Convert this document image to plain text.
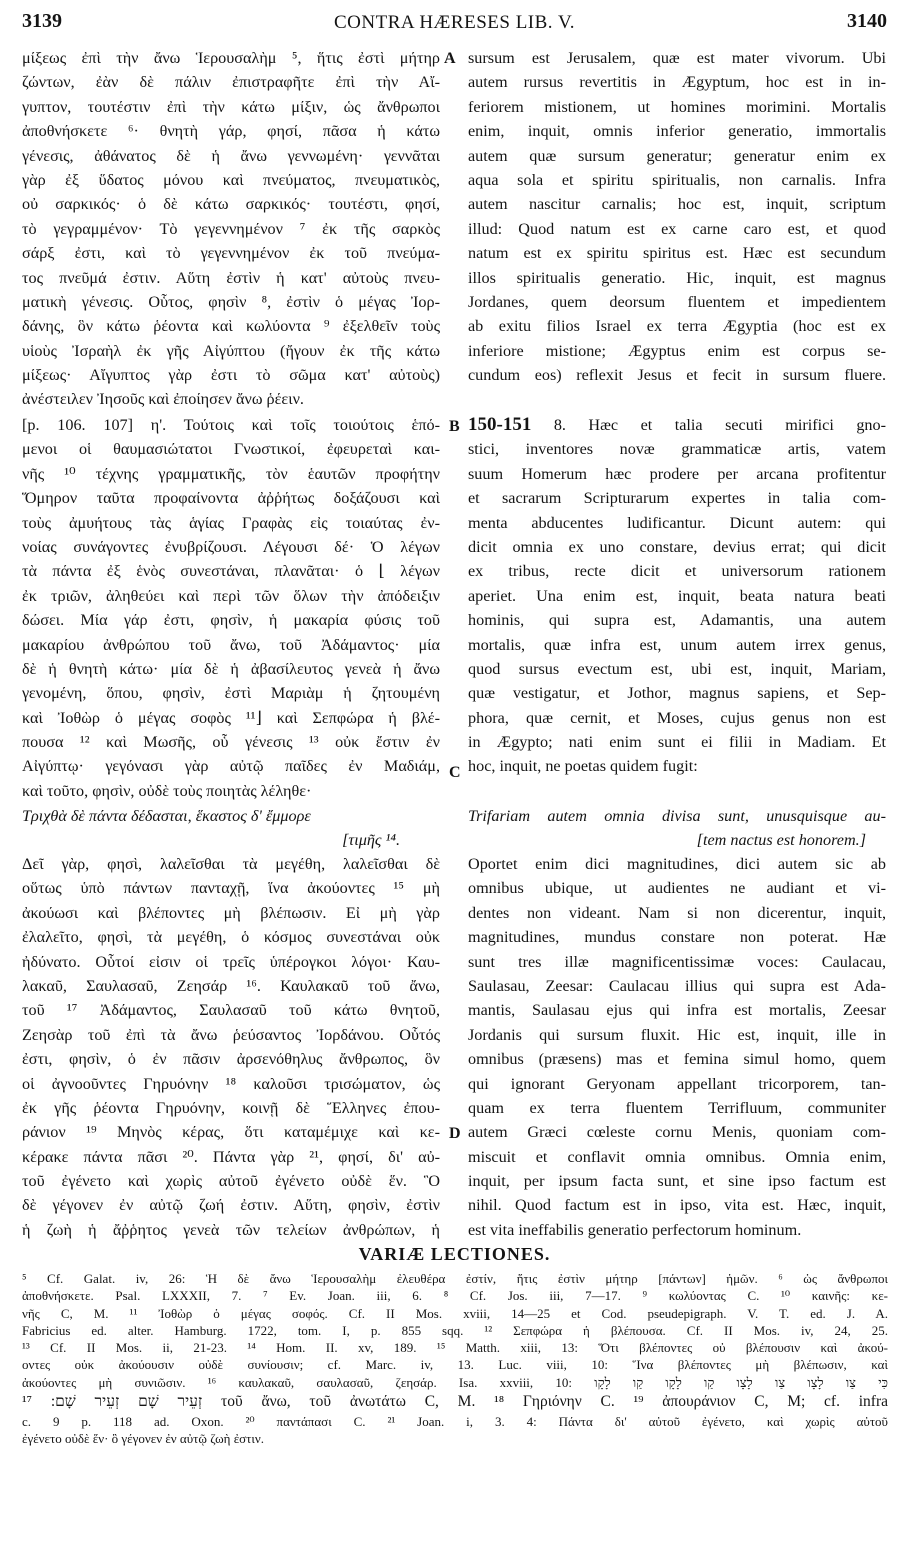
3139	CONTRA HÆRESES LIB. V.	3140
A
B
C
D
μίξεως ἐπὶ τὴν ἄνω Ἱερουσαλὴμ ⁵, ἥτις ἐστὶ μήτηρ
ζώντων, ἐὰν δὲ πάλιν ἐπιστραφῆτε ἐπὶ τὴν Αἴ-
γυπτον, τουτέστιν ἐπὶ τὴν κάτω μίξιν, ὡς ἄνθρωποι
ἀποθνήσκετε ⁶· θνητὴ γάρ, φησί, πᾶσα ἡ κάτω
γένεσις, ἀθάνατος δὲ ἡ ἄνω γεννωμένη· γεννᾶται
γὰρ ἐξ ὕδατος μόνου καὶ πνεύματος, πνευματικὸς,
οὐ σαρκικός· ὁ δὲ κάτω σαρκικός· τουτέστι, φησί,
τὸ γεγραμμένον· Τὸ γεγεννημένον ⁷ ἐκ τῆς σαρκὸς
σάρξ ἐστι, καὶ τὸ γεγεννημένον ἐκ τοῦ πνεύμα-
τος πνεῦμά ἐστιν. Αὕτη ἐστὶν ἡ κατ' αὐτοὺς πνευ-
ματικὴ γένεσις. Οὗτος, φησὶν ⁸, ἐστὶν ὁ μέγας Ἰορ-
δάνης, ὃν κάτω ῥέοντα καὶ κωλύοντα ⁹ ἐξελθεῖν τοὺς
υἱοὺς Ἰσραὴλ ἐκ γῆς Αἰγύπτου (ἤγουν ἐκ τῆς κάτω
μίξεως· Αἴγυπτος γὰρ ἐστι τὸ σῶμα κατ' αὐτοὺς)
ἀνέστειλεν Ἰησοῦς καὶ ἐποίησεν ἄνω ῥέειν.
[p. 106. 107] η'. Τούτοις καὶ τοῖς τοιούτοις ἑπό-
μενοι οἱ θαυμασιώτατοι Γνωστικοί, ἐφευρεταὶ και-
νῆς ¹⁰ τέχνης γραμματικῆς, τὸν ἑαυτῶν προφήτην
Ὅμηρον ταῦτα προφαίνοντα ἀῤῥήτως δοξάζουσι καὶ
τοὺς ἀμυήτους τὰς ἁγίας Γραφὰς εἰς τοιαύτας ἐν-
νοίας συνάγοντες ἐνυβρίζουσι. Λέγουσι δέ· Ὁ λέγων
τὰ πάντα ἐξ ἑνὸς συνεστάναι, πλανᾶται· ὁ ⌊ λέγων
ἐκ τριῶν, ἀληθεύει καὶ περὶ τῶν ὅλων τὴν ἀπόδειξιν
δώσει. Μία γάρ ἐστι, φησὶν, ἡ μακαρία φύσις τοῦ
μακαρίου ἀνθρώπου τοῦ ἄνω, τοῦ Ἀδάμαντος· μία
δὲ ἡ θνητὴ κάτω· μία δὲ ἡ ἀβασίλευτος γενεὰ ἡ ἄνω
γενομένη, ὅπου, φησὶν, ἐστὶ Μαριὰμ ἡ ζητουμένη
καὶ Ἰοθὼρ ὁ μέγας σοφὸς ¹¹⌋ καὶ Σεπφώρα ἡ βλέ-
πουσα ¹² καὶ Μωσῆς, οὗ γένεσις ¹³ οὐκ ἔστιν ἐν
Αἰγύπτῳ· γεγόνασι γὰρ αὐτῷ παῖδες ἐν Μαδιάμ,
καὶ τοῦτο, φησὶν, οὐδὲ τοὺς ποιητὰς λέληθε·
Τριχθὰ δὲ πάντα δέδασται, ἕκαστος δ' ἔμμορε
[τιμῆς ¹⁴.
Δεῖ γὰρ, φησὶ, λαλεῖσθαι τὰ μεγέθη, λαλεῖσθαι δὲ
οὕτως ὑπὸ πάντων πανταχῇ, ἵνα ἀκούοντες ¹⁵ μὴ
ἀκούωσι καὶ βλέποντες μὴ βλέπωσιν. Εἰ μὴ γὰρ
ἐλαλεῖτο, φησὶ, τὰ μεγέθη, ὁ κόσμος συνεστάναι οὐκ
ἠδύνατο. Οὗτοί εἰσιν οἱ τρεῖς ὑπέρογκοι λόγοι· Καυ-
λακαῦ, Σαυλασαῦ, Ζεησάρ ¹⁶. Καυλακαῦ τοῦ ἄνω,
τοῦ ¹⁷ Ἀδάμαντος, Σαυλασαῦ τοῦ κάτω θνητοῦ,
Ζεησὰρ τοῦ ἐπὶ τὰ ἄνω ῥεύσαντος Ἰορδάνου. Οὗτός
ἐστι, φησὶν, ὁ ἐν πᾶσιν ἀρσενόθηλυς ἄνθρωπος, ὃν
οἱ ἀγνοοῦντες Γηρυόνην ¹⁸ καλοῦσι τρισώματον, ὡς
ἐκ γῆς ῥέοντα Γηρυόνην, κοινῇ δὲ Ἕλληνες ἐπου-
ράνιον ¹⁹ Μηνὸς κέρας, ὅτι καταμέμιχε καὶ κε-
κέρακε πάντα πᾶσι ²⁰. Πάντα γὰρ ²¹, φησί, δι' αὐ-
τοῦ ἐγένετο καὶ χωρὶς αὐτοῦ ἐγένετο οὐδὲ ἕν. Ὃ
δὲ γέγονεν ἐν αὐτῷ ζωή ἐστιν. Αὕτη, φησὶν, ἐστὶν
ἡ ζωὴ ἡ ἄῤῥητος γενεὰ τῶν τελείων ἀνθρώπων, ἡ
sursum est Jerusalem, quæ est mater vivorum. Ubi
autem rursus revertitis in Ægyptum, hoc est in in-
feriorem mistionem, ut homines morimini. Mortalis
enim, inquit, omnis inferior generatio, immortalis
autem quæ sursum generatur; generatur enim ex
aqua sola et spiritu spiritualis, non carnalis. Infra
autem nascitur carnalis; hoc est, inquit, scriptum
illud: Quod natum est ex carne caro est, et quod
natum est ex spiritu spiritus est. Hæc est secundum
illos spiritualis generatio. Hic, inquit, est magnus
Jordanes, quem deorsum fluentem et impedientem
ab exitu filios Israel ex terra Ægyptia (hoc est ex
inferiore mistione; Ægyptus enim est corpus se-
cundum eos) reflexit Jesus et fecit in sursum fluere.
150-151 8. Hæc et talia secuti mirifici gno-
stici, inventores novæ grammaticæ artis, vatem
suum Homerum hæc prodere per arcana profitentur
et sacrarum Scripturarum expertes in talia com-
menta abducentes ludificantur. Dicunt autem: qui
dicit omnia ex uno constare, devius errat; qui dicit
ex tribus, recte dicit et universorum rationem
aperiet. Una enim est, inquit, beata natura beati
hominis, qui supra est, Adamantis, una autem
mortalis, quæ infra est, unum autem irrex genus,
quod sursus evectum est, ubi est, inquit, Mariam,
quæ vestigatur, et Jothor, magnus sapiens, et Sep-
phora, quæ cernit, et Moses, cujus genus non est
in Ægypto; nati enim sunt ei filii in Madiam. Et
hoc, inquit, ne poetas quidem fugit:
Trifariam autem omnia divisa sunt, unusquisque au-
[tem nactus est honorem.]
Oportet enim dici magnitudines, dici autem sic ab
omnibus ubique, ut audientes ne audiant et vi-
dentes non videant. Nam si non dicerentur, inquit,
magnitudines, mundus constare non poterat. Hæ
sunt tres illæ magnificentissimæ voces: Caulacau,
Saulasau, Zeesar: Caulacau illius qui supra est Ada-
mantis, Saulasau ejus qui infra est mortalis, Zeesar
Jordanis qui sursum fluxit. Hic est, inquit, ille in
omnibus (præsens) mas et femina simul homo, quem
qui ignorant Geryonam appellant tricorporem, tan-
quam ex terra fluentem Terrifluum, communiter
autem Græci cœleste cornu Menis, quoniam com-
miscuit et conflavit omnia omnibus. Omnia enim,
inquit, per ipsum facta sunt, et sine ipso factum est
nihil. Quod factum est in ipso, vita est. Hæc, inquit,
est vita ineffabilis generatio perfectorum hominum.
VARIÆ LECTIONES.
⁵ Cf. Galat. iv, 26: Ἡ δὲ ἄνω Ἱερουσαλὴμ ἐλευθέρα ἐστίν, ἥτις ἐστὶν μήτηρ [πάντων] ἡμῶν. ⁶ ὡς ἄνθρωποι
ἀποθνήσκετε. Psal. LXXXII, 7. ⁷ Ev. Joan. iii, 6. ⁸ Cf. Jos. iii, 7—17. ⁹ κωλύοντας C. ¹⁰ καινῆς: κε-
νῆς C, M. ¹¹ Ἰοθὼρ ὁ μέγας σοφός. Cf. II Mos. xviii, 14—25 et Cod. pseudepigraph. V. T. ed. J. A.
Fabricius ed. alter. Hamburg. 1722, tom. I, p. 855 sqq. ¹² Σεπφώρα ἡ βλέπουσα. Cf. II Mos. iv, 24, 25.
¹³ Cf. II Mos. ii, 21-23. ¹⁴ Hom. II. xv, 189. ¹⁵ Matth. xiii, 13: Ὅτι βλέποντες οὐ βλέπουσιν καὶ ἀκού-
οντες οὐκ ἀκούουσιν οὐδὲ συνίουσιν; cf. Marc. iv, 13. Luc. viii, 10: Ἵνα βλέποντες μὴ βλέπωσιν, καὶ
ἀκούοντες μὴ συνιῶσιν. ¹⁶ καυλακαῦ, σαυλασαῦ, ζεησάρ. Isa. xxviii, 10: כִּי צַו לָצָו צַו לָצָו קַו לָקָו קַו לָקָו
זְעֵיר שָׁם זְעֵיר שָׁם: ¹⁷ τοῦ ἄνω, τοῦ ἀνωτάτω C, M. ¹⁸ Γηριόνην C. ¹⁹ ἀπουράνιον C, M; cf. infra
c. 9 p. 118 ad. Oxon. ²⁰ παντάπασι C. ²¹ Joan. i, 3. 4: Πάντα δι' αὐτοῦ ἐγένετο, καὶ χωρὶς αὐτοῦ
ἐγένετο οὐδὲ ἕν· ὃ γέγονεν ἐν αὐτῷ ζωὴ ἐστιν.
